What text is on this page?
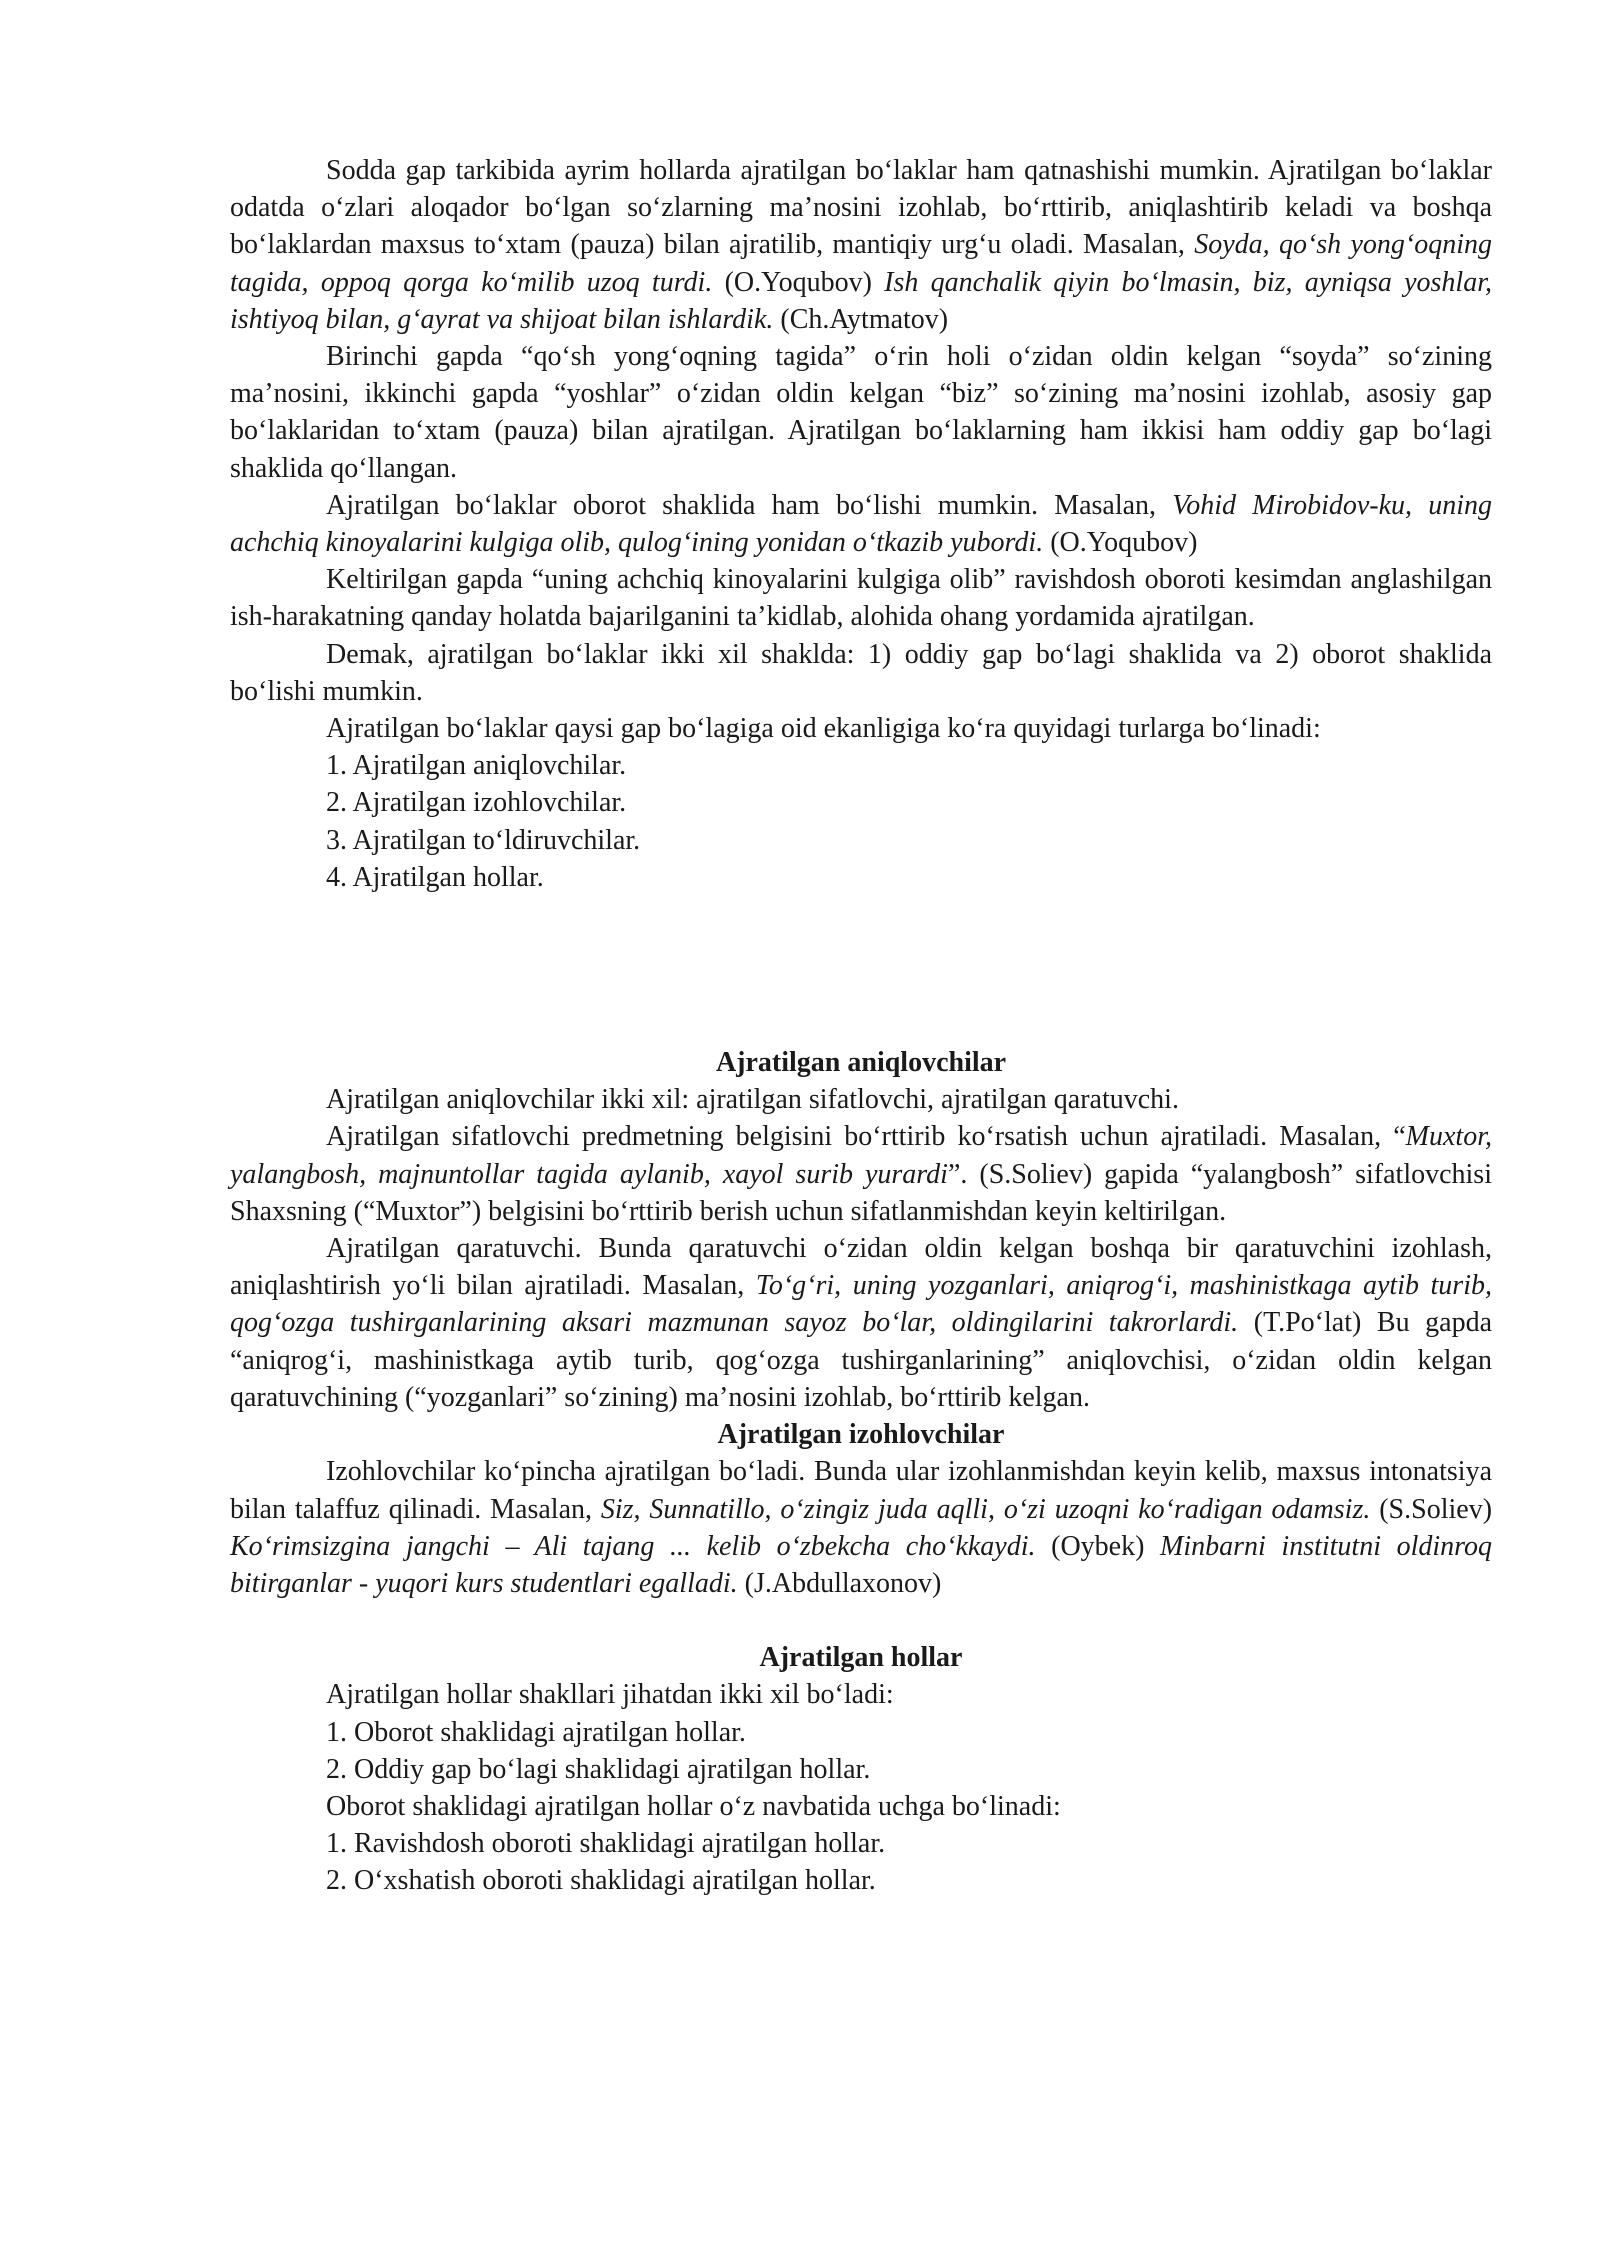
Sodda gap tarkibida ayrim hollarda ajratilgan boʻlaklar ham qatnashishi mumkin. Ajratilgan boʻlaklar odatda oʻzlari aloqador boʻlgan soʻzlarning maʼnosini izohlab, boʻrttirib, aniqlashtirib keladi va boshqa boʻlaklardan maxsus toʻxtam (pauza) bilan ajratilib, mantiqiy urgʻu oladi. Masalan, Soyda, qoʻsh yongʻoqning tagida, oppoq qorga koʻmilib uzoq turdi. (O.Yoqubov) Ish qanchalik qiyin boʻlmasin, biz, ayniqsa yoshlar, ishtiyoq bilan, gʻayrat va shijoat bilan ishlardik. (Ch.Aytmatov)

Birinchi gapda “qoʻsh yongʻoqning tagida” oʻrin holi oʻzidan oldin kelgan “soyda” soʻzining maʼnosini, ikkinchi gapda “yoshlar” oʻzidan oldin kelgan “biz” soʻzining maʼnosini izohlab, asosiy gap boʻlaklaridan toʻxtam (pauza) bilan ajratilgan. Ajratilgan boʻlaklarning ham ikkisi ham oddiy gap boʻlagi shaklida qoʻllangan.

Ajratilgan boʻlaklar oborot shaklida ham boʻlishi mumkin. Masalan, Vohid Mirobidov-ku, uning achchiq kinoyalarini kulgiga olib, qulogʻining yonidan oʻtkazib yubordi. (O.Yoqubov)

Keltirilgan gapda “uning achchiq kinoyalarini kulgiga olib” ravishdosh oboroti kesimdan anglashilgan ish-harakatning qanday holatda bajarilganini taʼkidlab, alohida ohang yordamida ajratilgan.

Demak, ajratilgan boʻlaklar ikki xil shaklda: 1) oddiy gap boʻlagi shaklida va 2) oborot shaklida boʻlishi mumkin.

Ajratilgan boʻlaklar qaysi gap boʻlagiga oid ekanligiga koʻra quyidagi turlarga boʻlinadi:

1. Ajratilgan aniqlovchilar.

2. Ajratilgan izohlovchilar.

3. Ajratilgan toʻldiruvchilar.

4. Ajratilgan hollar.

Ajratilgan aniqlovchilar

Ajratilgan aniqlovchilar ikki xil: ajratilgan sifatlovchi, ajratilgan qaratuvchi.

Ajratilgan sifatlovchi predmetning belgisini boʻrttirib koʻrsatish uchun ajratiladi. Masalan, “Muxtor, yalangbosh, majnuntollar tagida aylanib, xayol surib yurardi”. (S.Soliev) gapida “yalangbosh” sifatlovchisi Shaxsning (“Muxtor”) belgisini boʻrttirib berish uchun sifatlanmishdan keyin keltirilgan.

Ajratilgan qaratuvchi. Bunda qaratuvchi oʻzidan oldin kelgan boshqa bir qaratuvchini izohlash, aniqlashtirish yoʻli bilan ajratiladi. Masalan, Toʻgʻri, uning yozganlari, aniqrogʻi, mashinistkaga aytib turib, qogʻozga tushirganlarining aksari mazmunan sayoz boʻlar, oldingilarini takrorlardi. (T.Poʻlat) Bu gapda “aniqrogʻi, mashinistkaga aytib turib, qogʻozga tushirganlarining” aniqlovchisi, oʻzidan oldin kelgan qaratuvchining (“yozganlari” soʻzining) maʼnosini izohlab, boʻrttirib kelgan.

Ajratilgan izohlovchilar

Izohlovchilar koʻpincha ajratilgan boʻladi. Bunda ular izohlanmishdan keyin kelib, maxsus intonatsiya bilan talaffuz qilinadi. Masalan, Siz, Sunnatillo, oʻzingiz juda aqlli, oʻzi uzoqni koʻradigan odamsiz. (S.Soliev) Koʻrimsizgina jangchi – Ali tajang ... kelib oʻzbekcha choʻkkaydi. (Oybek) Minbarni institutni oldinroq bitirganlar - yuqori kurs studentlari egalladi. (J.Abdullaxonov)

Ajratilgan hollar

Ajratilgan hollar shakllari jihatdan ikki xil boʻladi:

1. Oborot shaklidagi ajratilgan hollar.

2. Oddiy gap boʻlagi shaklidagi ajratilgan hollar.

Oborot shaklidagi ajratilgan hollar oʻz navbatida uchga boʻlinadi:

1. Ravishdosh oboroti shaklidagi ajratilgan hollar.

2. Oʻxshatish oboroti shaklidagi ajratilgan hollar.
